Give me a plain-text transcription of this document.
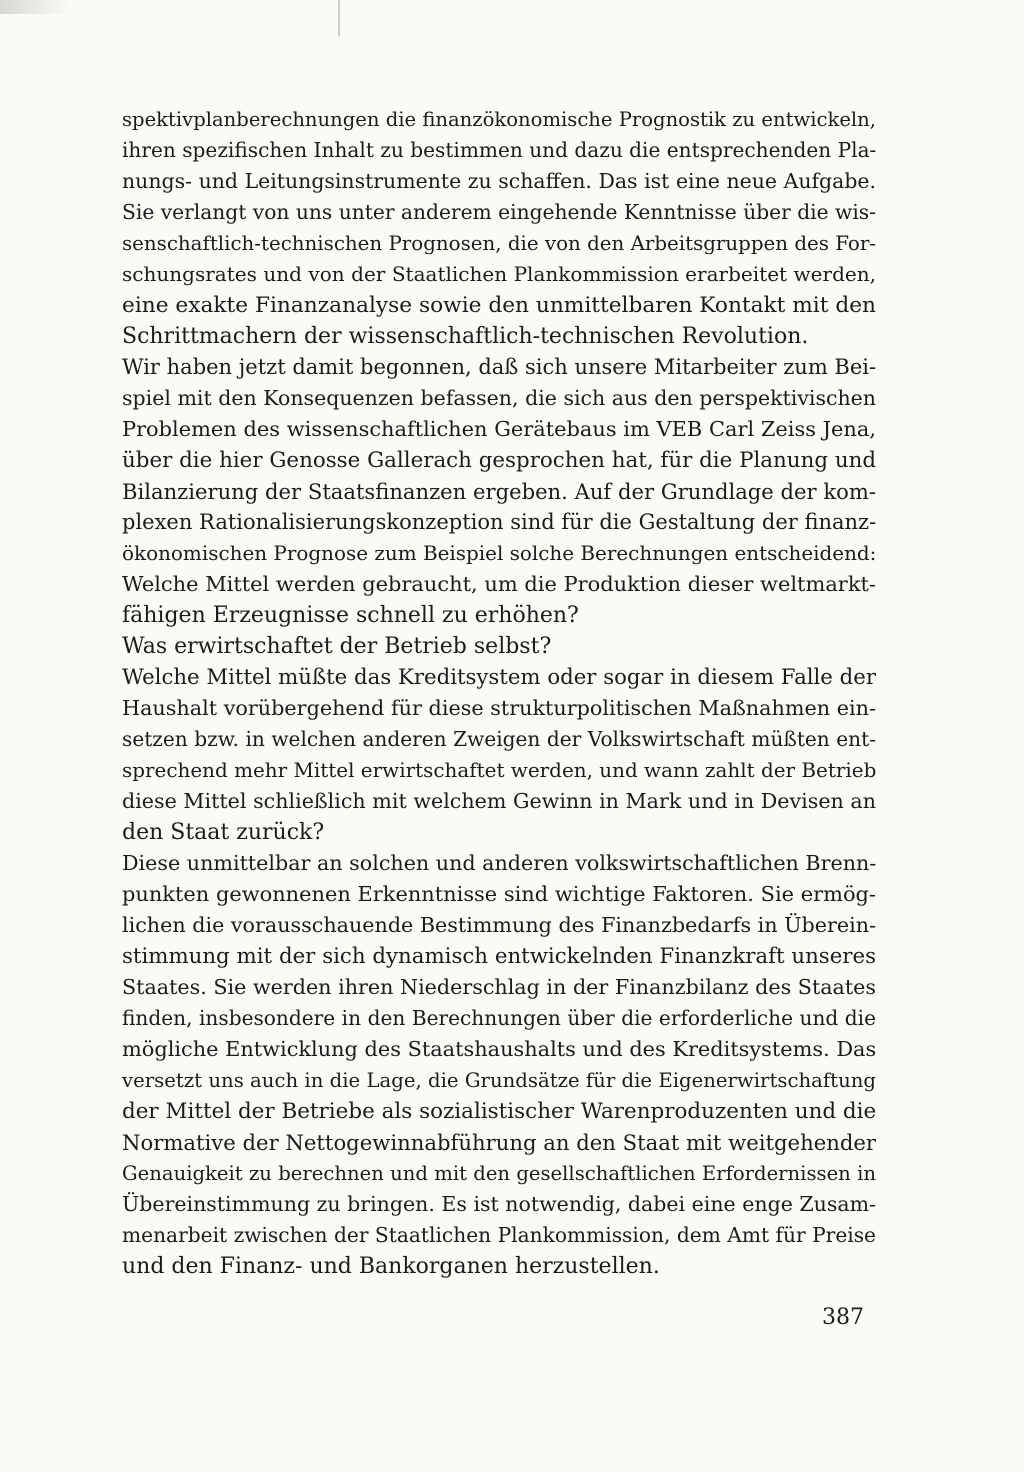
spektivplanberechnungen die finanzökonomische Prognostik zu entwickeln,
ihren spezifischen Inhalt zu bestimmen und dazu die entsprechenden Pla-
nungs- und Leitungsinstrumente zu schaffen. Das ist eine neue Aufgabe.
Sie verlangt von uns unter anderem eingehende Kenntnisse über die wis-
senschaftlich-technischen Prognosen, die von den Arbeitsgruppen des For-
schungsrates und von der Staatlichen Plankommission erarbeitet werden,
eine exakte Finanzanalyse sowie den unmittelbaren Kontakt mit den
Schrittmachern der wissenschaftlich-technischen Revolution.
Wir haben jetzt damit begonnen, daß sich unsere Mitarbeiter zum Bei-
spiel mit den Konsequenzen befassen, die sich aus den perspektivischen
Problemen des wissenschaftlichen Gerätebaus im VEB Carl Zeiss Jena,
über die hier Genosse Gallerach gesprochen hat, für die Planung und
Bilanzierung der Staatsfinanzen ergeben. Auf der Grundlage der kom-
plexen Rationalisierungskonzeption sind für die Gestaltung der finanz-
ökonomischen Prognose zum Beispiel solche Berechnungen entscheidend:
Welche Mittel werden gebraucht, um die Produktion dieser weltmarkt-
fähigen Erzeugnisse schnell zu erhöhen?
Was erwirtschaftet der Betrieb selbst?
Welche Mittel müßte das Kreditsystem oder sogar in diesem Falle der
Haushalt vorübergehend für diese strukturpolitischen Maßnahmen ein-
setzen bzw. in welchen anderen Zweigen der Volkswirtschaft müßten ent-
sprechend mehr Mittel erwirtschaftet werden, und wann zahlt der Betrieb
diese Mittel schließlich mit welchem Gewinn in Mark und in Devisen an
den Staat zurück?
Diese unmittelbar an solchen und anderen volkswirtschaftlichen Brenn-
punkten gewonnenen Erkenntnisse sind wichtige Faktoren. Sie ermög-
lichen die vorausschauende Bestimmung des Finanzbedarfs in Überein-
stimmung mit der sich dynamisch entwickelnden Finanzkraft unseres
Staates. Sie werden ihren Niederschlag in der Finanzbilanz des Staates
finden, insbesondere in den Berechnungen über die erforderliche und die
mögliche Entwicklung des Staatshaushalts und des Kreditsystems. Das
versetzt uns auch in die Lage, die Grundsätze für die Eigenerwirtschaftung
der Mittel der Betriebe als sozialistischer Warenproduzenten und die
Normative der Nettogewinnabführung an den Staat mit weitgehender
Genauigkeit zu berechnen und mit den gesellschaftlichen Erfordernissen in
Übereinstimmung zu bringen. Es ist notwendig, dabei eine enge Zusam-
menarbeit zwischen der Staatlichen Plankommission, dem Amt für Preise
und den Finanz- und Bankorganen herzustellen.
387
